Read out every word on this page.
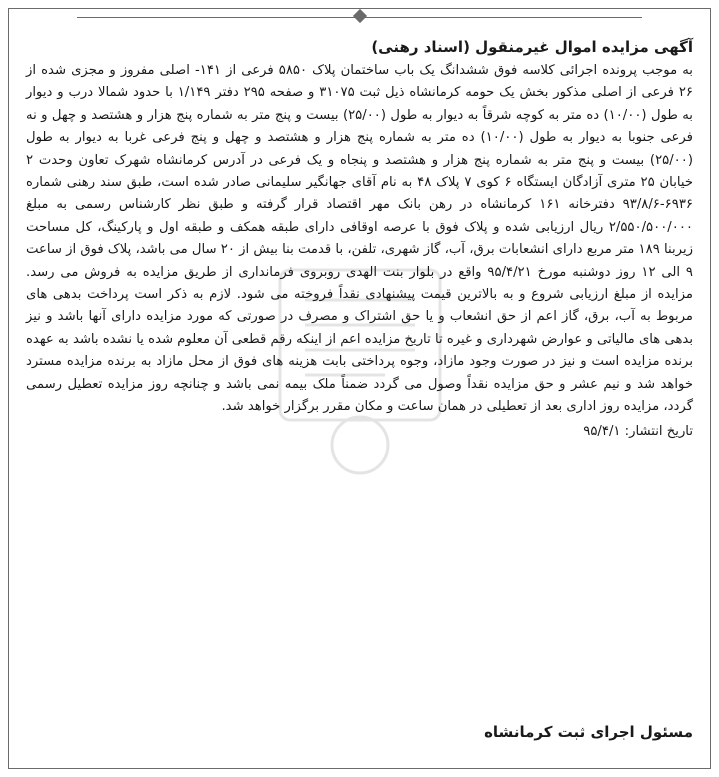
آگهی مزایده اموال غیرمنقول (اسناد رهنی)

به موجب پرونده اجرائی کلاسه فوق ششدانگ یک باب ساختمان پلاک ۵۸۵۰ فرعی از ۱۴۱- اصلی مفروز و مجزی شده از ۲۶ فرعی از اصلی مذکور بخش یک حومه کرمانشاه ذیل ثبت ۳۱۰۷۵ و صفحه ۲۹۵ دفتر ۱/۱۴۹ با حدود شمالا درب و دیوار به طول (۱۰/۰۰) ده متر به کوچه شرقاً به دیوار به طول (۲۵/۰۰) بیست و پنج متر به شماره پنج هزار و هشتصد و چهل و نه فرعی جنوبا به دیوار به طول (۱۰/۰۰) ده متر به شماره پنج هزار و هشتصد و چهل و پنج فرعی غربا به دیوار به طول (۲۵/۰۰) بیست و پنج متر به شماره پنج هزار و هشتصد و پنجاه و یک فرعی در آدرس کرمانشاه شهرک تعاون وحدت ۲ خیابان ۲۵ متری آزادگان ایستگاه ۶ کوی ۷ پلاک ۴۸ به نام آقای جهانگیر سلیمانی صادر شده است، طبق سند رهنی شماره ۶۹۳۶-۹۳/۸/۶ دفترخانه ۱۶۱ کرمانشاه در رهن بانک مهر اقتصاد قرار گرفته و طبق نظر کارشناس رسمی به مبلغ ۲/۵۵۰/۵۰۰/۰۰۰ ریال ارزیابی شده و پلاک فوق با عرصه اوقافی دارای طبقه همکف و طبقه اول و پارکینگ، کل مساحت زیربنا ۱۸۹ متر مربع دارای انشعابات برق، آب، گاز شهری، تلفن، با قدمت بنا بیش از ۲۰ سال می باشد، پلاک فوق از ساعت ۹ الی ۱۲ روز دوشنبه مورخ ۹۵/۴/۲۱ واقع در بلوار بنت الهدی روبروی فرمانداری از طریق مزایده به فروش می رسد. مزایده از مبلغ ارزیابی شروع و به بالاترین قیمت پیشنهادی نقداً فروخته می شود. لازم به ذکر است پرداخت بدهی های مربوط به آب، برق، گاز اعم از حق انشعاب و یا حق اشتراک و مصرف در صورتی که مورد مزایده دارای آنها باشد و نیز بدهی های مالیاتی و عوارض شهرداری و غیره تا تاریخ مزایده اعم از اینکه رقم قطعی آن معلوم شده یا نشده باشد به عهده برنده مزایده است و نیز در صورت وجود مازاد، وجوه پرداختی بابت هزینه های فوق از محل مازاد به برنده مزایده مسترد خواهد شد و نیم عشر و حق مزایده نقداً وصول می گردد ضمناً ملک بیمه نمی باشد و چنانچه روز مزایده تعطیل رسمی گردد، مزایده روز اداری بعد از تعطیلی در همان ساعت و مکان مقرر برگزار خواهد شد.

تاریخ انتشار: ۹۵/۴/۱

مسئول اجرای ثبت کرمانشاه
